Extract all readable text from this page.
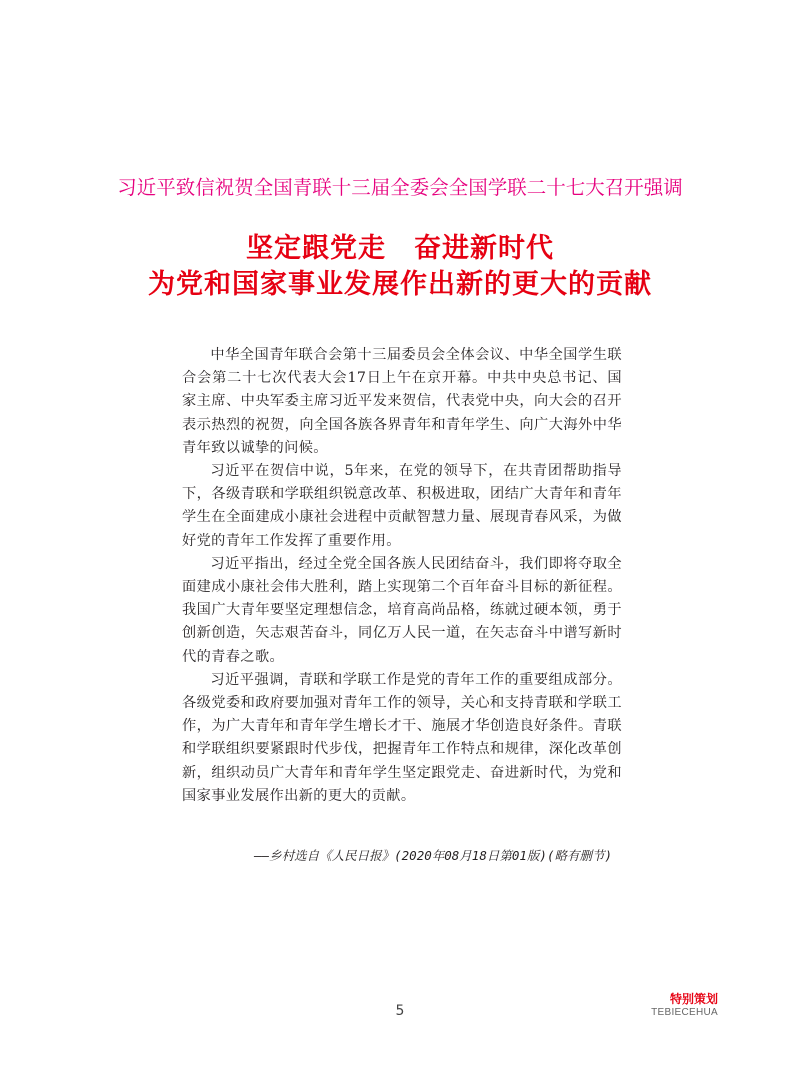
习近平致信祝贺全国青联十三届全委会全国学联二十七大召开强调
坚定跟党走　奋进新时代
为党和国家事业发展作出新的更大的贡献

中华全国青年联合会第十三届委员会全体会议、中华全国学生联合会第二十七次代表大会17日上午在京开幕。中共中央总书记、国家主席、中央军委主席习近平发来贺信，代表党中央，向大会的召开表示热烈的祝贺，向全国各族各界青年和青年学生、向广大海外中华青年致以诚挚的问候。

习近平在贺信中说，5年来，在党的领导下，在共青团帮助指导下，各级青联和学联组织锐意改革、积极进取，团结广大青年和青年学生在全面建成小康社会进程中贡献智慧力量、展现青春风采，为做好党的青年工作发挥了重要作用。

习近平指出，经过全党全国各族人民团结奋斗，我们即将夺取全面建成小康社会伟大胜利，踏上实现第二个百年奋斗目标的新征程。我国广大青年要坚定理想信念，培育高尚品格，练就过硬本领，勇于创新创造，矢志艰苦奋斗，同亿万人民一道，在矢志奋斗中谱写新时代的青春之歌。

习近平强调，青联和学联工作是党的青年工作的重要组成部分。各级党委和政府要加强对青年工作的领导，关心和支持青联和学联工作，为广大青年和青年学生增长才干、施展才华创造良好条件。青联和学联组织要紧跟时代步伐，把握青年工作特点和规律，深化改革创新，组织动员广大青年和青年学生坚定跟党走、奋进新时代，为党和国家事业发展作出新的更大的贡献。

——乡村选自《人民日报》(2020年08月18日第01版)(略有删节)
5
特别策划
TEBIECEHUA
